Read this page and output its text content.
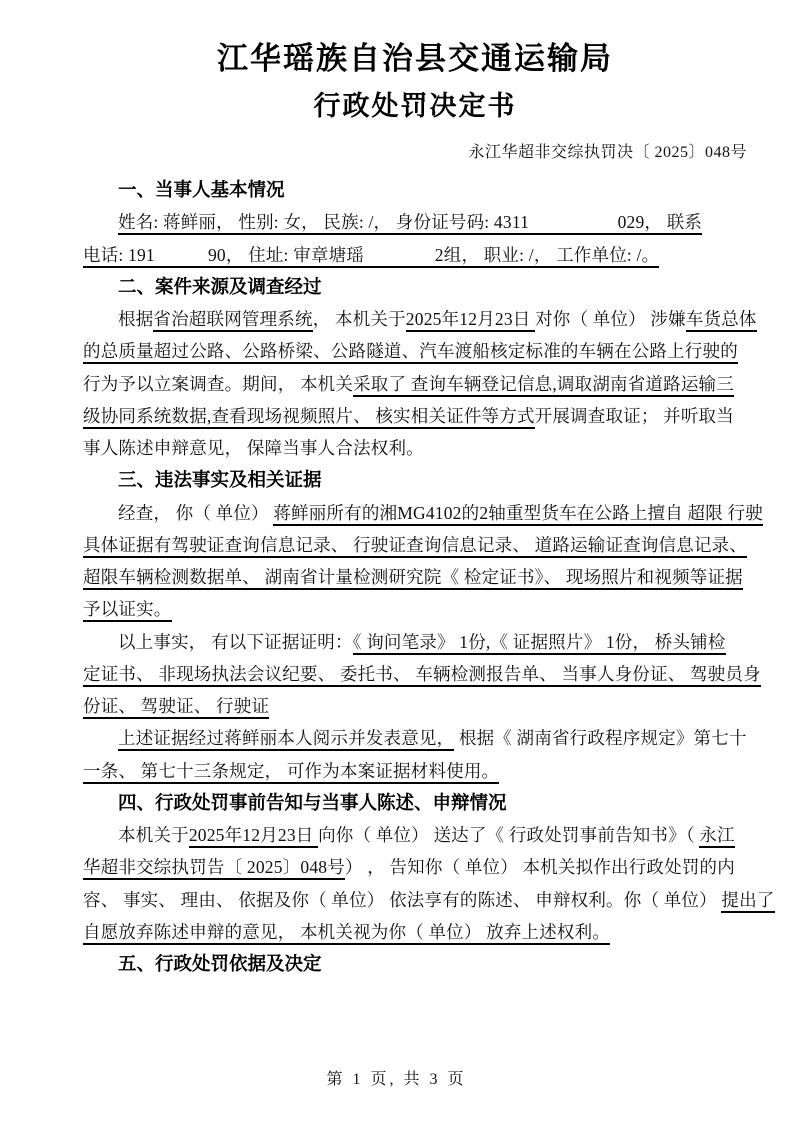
江华瑶族自治县交通运输局
行政处罚决定书
永江华超非交综执罚决〔 2025〕048号
一、当事人基本情况
姓名: 蒋鲜丽， 性别: 女， 民族: /， 身份证号码: 4311　　　　　029， 联系
电话: 191　　　90， 住址: 审章塘瑶　　　　2组， 职业: /， 工作单位: /。
二、案件来源及调查经过
根据省治超联网管理系统， 本机关于2025年12月23日 对你（ 单位） 涉嫌车货总体
的总质量超过公路、公路桥梁、公路隧道、汽车渡船核定标准的车辆在公路上行驶的
行为予以立案调查。期间， 本机关采取了 查询车辆登记信息,调取湖南省道路运输三
级协同系统数据,查看现场视频照片、 核实相关证件等方式开展调查取证； 并听取当
事人陈述申辩意见， 保障当事人合法权利。
三、违法事实及相关证据
经查， 你（ 单位） 蒋鲜丽所有的湘MG4102的2轴重型货车在公路上擅自 超限 行驶
具体证据有驾驶证查询信息记录、 行驶证查询信息记录、 道路运输证查询信息记录、
超限车辆检测数据单、 湖南省计量检测研究院《 检定证书》、 现场照片和视频等证据
予以证实。
以上事实， 有以下证据证明：《 询问笔录》 1份,《 证据照片》 1份， 桥头铺检
定证书、 非现场执法会议纪要、 委托书、 车辆检测报告单、 当事人身份证、 驾驶员身
份证、 驾驶证、 行驶证
上述证据经过蒋鲜丽本人阅示并发表意见， 根据《 湖南省行政程序规定》第七十
一条、 第七十三条规定， 可作为本案证据材料使用。
四、行政处罚事前告知与当事人陈述、申辩情况
本机关于2025年12月23日 向你（ 单位） 送达了《 行政处罚事前告知书》（ 永江
华超非交综执罚告〔 2025〕048号） ， 告知你（ 单位） 本机关拟作出行政处罚的内
容、 事实、 理由、 依据及你（ 单位） 依法享有的陈述、 申辩权利。你（ 单位） 提出了
自愿放弃陈述申辩的意见， 本机关视为你（ 单位） 放弃上述权利。
五、行政处罚依据及决定
第 1 页, 共 3 页
